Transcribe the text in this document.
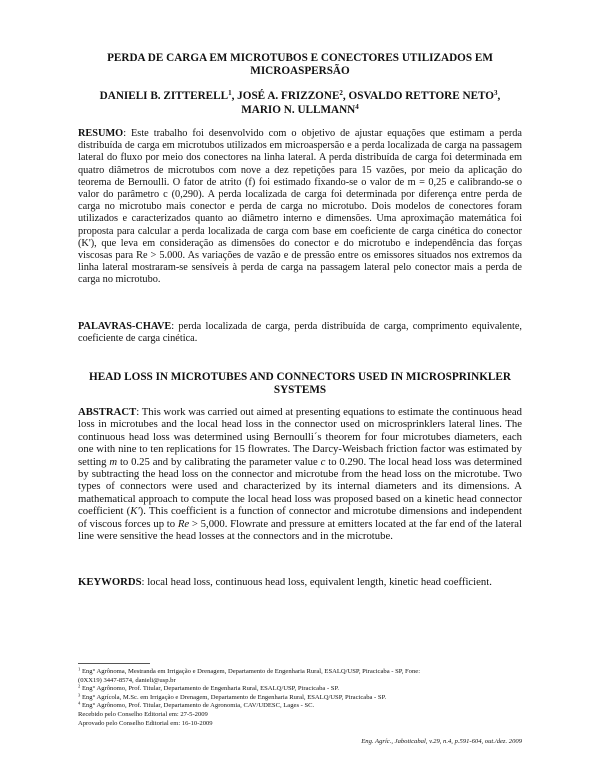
PERDA DE CARGA EM MICROTUBOS E CONECTORES UTILIZADOS EM MICROASPERSÃO
DANIELI B. ZITTERELL$^1$, JOSÉ A. FRIZZONE$^2$, OSVALDO RETTORE NETO$^3$,
MARIO N. ULLMANN$^4$

RESUMO: Este trabalho foi desenvolvido com o objetivo de ajustar equações que estimam a perda distribuída de carga em microtubos utilizados em microaspersão e a perda localizada de carga na passagem lateral do fluxo por meio dos conectores na linha lateral. A perda distribuída de carga foi determinada em quatro diâmetros de microtubos com nove a dez repetições para 15 vazões, por meio da aplicação do teorema de Bernoulli. O fator de atrito (f) foi estimado fixando-se o valor de m = 0,25 e calibrando-se o valor do parâmetro c (0,290). A perda localizada de carga foi determinada por diferença entre perda de carga no microtubo mais conector e perda de carga no microtubo. Dois modelos de conectores foram utilizados e caracterizados quanto ao diâmetro interno e dimensões. Uma aproximação matemática foi proposta para calcular a perda localizada de carga com base em coeficiente de carga cinética do conector (K'), que leva em consideração as dimensões do conector e do microtubo e independência das forças viscosas para Re > 5.000. As variações de vazão e de pressão entre os emissores situados nos extremos da linha lateral mostraram-se sensíveis à perda de carga na passagem lateral pelo conector mais a perda de carga no microtubo.

PALAVRAS-CHAVE: perda localizada de carga, perda distribuída de carga, comprimento equivalente, coeficiente de carga cinética.

HEAD LOSS IN MICROTUBES AND CONNECTORS USED IN MICROSPRINKLER SYSTEMS

ABSTRACT: This work was carried out aimed at presenting equations to estimate the continuous head loss in microtubes and the local head loss in the connector used on microsprinklers lateral lines. The continuous head loss was determined using Bernoulli´s theorem for four microtubes diameters, each one with nine to ten replications for 15 flowrates. The Darcy-Weisbach friction factor was estimated by setting m to 0.25 and by calibrating the parameter value c to 0.290. The local head loss was determined by subtracting the head loss on the connector and microtube from the head loss on the microtube. Two types of connectors were used and characterized by its internal diameters and its dimensions. A mathematical approach to compute the local head loss was proposed based on a kinetic head connector coefficient (K'). This coefficient is a function of connector and microtube dimensions and independent of viscous forces up to Re > 5,000. Flowrate and pressure at emitters located at the far end of the lateral line were sensitive the head losses at the connectors and in the microtube.

KEYWORDS: local head loss, continuous head loss, equivalent length, kinetic head coefficient.

$^1$ Eng° Agrônoma, Mestranda em Irrigação e Drenagem, Departamento de Engenharia Rural, ESALQ/USP, Piracicaba - SP, Fone:
(0XX19) 3447-8574, danieli@usp.br
$^2$ Eng° Agrônomo, Prof. Titular, Departamento de Engenharia Rural, ESALQ/USP, Piracicaba - SP.
$^3$ Eng° Agrícola, M.Sc. em Irrigação e Drenagem, Departamento de Engenharia Rural, ESALQ/USP, Piracicaba - SP.
$^4$ Eng° Agrônomo, Prof. Titular, Departamento de Agronomia, CAV/UDESC, Lages - SC.
Recebido pelo Conselho Editorial em: 27-5-2009
Aprovado pelo Conselho Editorial em: 16-10-2009
Eng. Agríc., Jaboticabal, v.29, n.4, p.591-604, out./dez. 2009
